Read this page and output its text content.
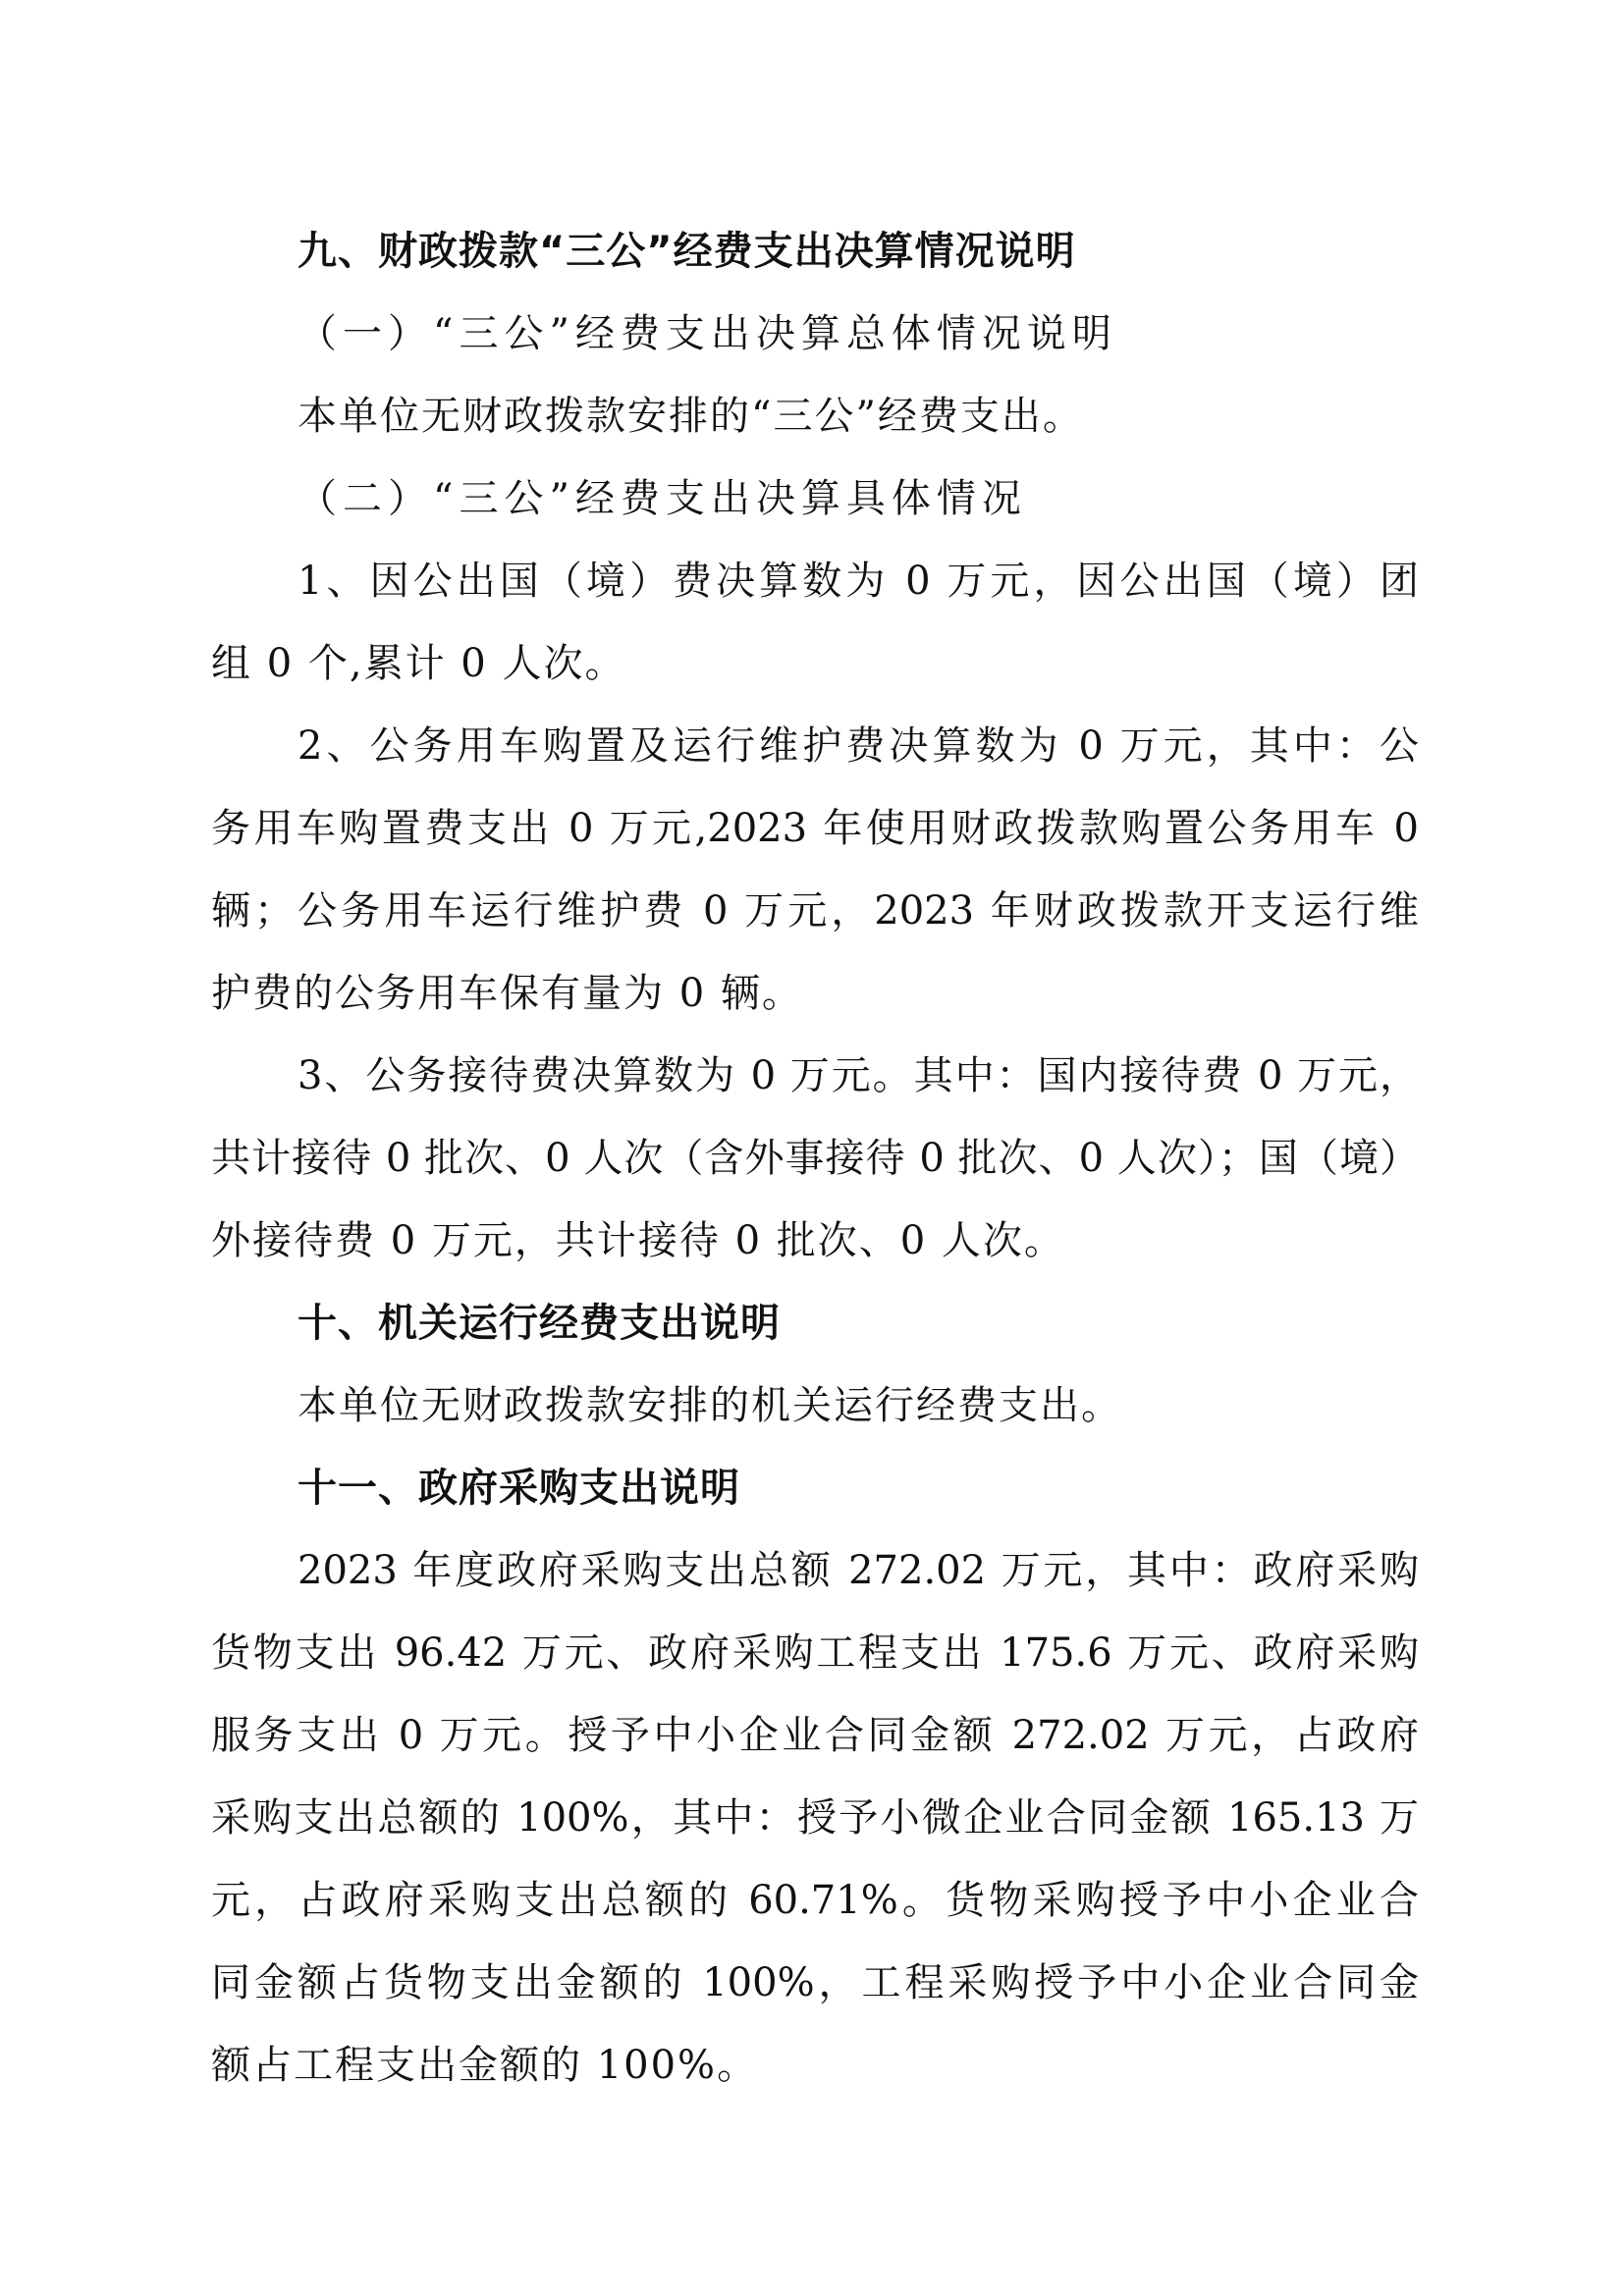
九、财政拨款“三公”经费支出决算情况说明

（一）“三公”经费支出决算总体情况说明

本单位无财政拨款安排的“三公”经费支出。

（二）“三公”经费支出决算具体情况

1、因公出国（境）费决算数为 0 万元，因公出国（境）团

组 0 个,累计 0 人次。

2、公务用车购置及运行维护费决算数为 0 万元，其中：公

务用车购置费支出 0 万元,2023 年使用财政拨款购置公务用车 0

辆；公务用车运行维护费 0 万元，2023 年财政拨款开支运行维

护费的公务用车保有量为 0 辆。

3、公务接待费决算数为 0 万元。其中：国内接待费 0 万元，

共计接待 0 批次、0 人次（含外事接待 0 批次、0 人次）；国（境）

外接待费 0 万元，共计接待 0 批次、0 人次。

十、机关运行经费支出说明

本单位无财政拨款安排的机关运行经费支出。

十一、政府采购支出说明

2023 年度政府采购支出总额 272.02 万元，其中：政府采购

货物支出 96.42 万元、政府采购工程支出 175.6 万元、政府采购

服务支出 0 万元。授予中小企业合同金额 272.02 万元，占政府

采购支出总额的 100%，其中：授予小微企业合同金额 165.13 万

元，占政府采购支出总额的 60.71%。货物采购授予中小企业合

同金额占货物支出金额的 100%，工程采购授予中小企业合同金

额占工程支出金额的 100%。
